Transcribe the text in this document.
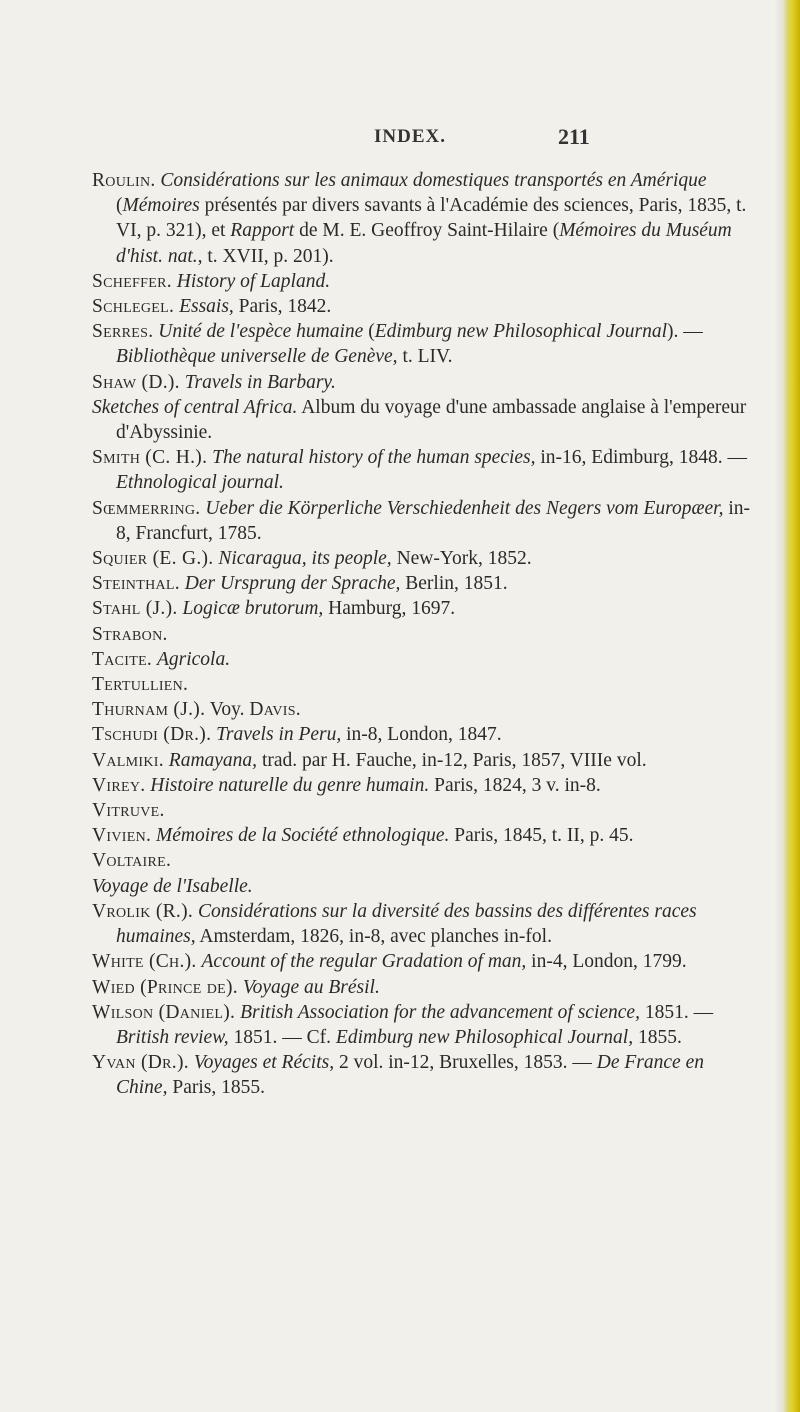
INDEX.	211

Roulin. Considérations sur les animaux domestiques transportés en Amérique (Mémoires présentés par divers savants à l'Académie des sciences, Paris, 1835, t. VI, p. 321), et Rapport de M. E. Geoffroy Saint-Hilaire (Mémoires du Muséum d'hist. nat., t. XVII, p. 201).

Scheffer. History of Lapland.

Schlegel. Essais, Paris, 1842.

Serres. Unité de l'espèce humaine (Edimburg new Philosophical Journal). — Bibliothèque universelle de Genève, t. LIV.

Shaw (D.). Travels in Barbary.

Sketches of central Africa. Album du voyage d'une ambassade anglaise à l'empereur d'Abyssinie.

Smith (C. H.). The natural history of the human species, in-16, Edimburg, 1848. — Ethnological journal.

Sœmmerring. Ueber die Körperliche Verschiedenheit des Negers vom Europæer, in-8, Francfurt, 1785.

Squier (E. G.). Nicaragua, its people, New-York, 1852.

Steinthal. Der Ursprung der Sprache, Berlin, 1851.

Stahl (J.). Logicæ brutorum, Hamburg, 1697.

Strabon.

Tacite. Agricola.

Tertullien.

Thurnam (J.). Voy. Davis.

Tschudi (Dr.). Travels in Peru, in-8, London, 1847.

Valmiki. Ramayana, trad. par H. Fauche, in-12, Paris, 1857, VIIIe vol.

Virey. Histoire naturelle du genre humain. Paris, 1824, 3 v. in-8.

Vitruve.

Vivien. Mémoires de la Société ethnologique. Paris, 1845, t. II, p. 45.

Voltaire.

Voyage de l'Isabelle.

Vrolik (R.). Considérations sur la diversité des bassins des différentes races humaines, Amsterdam, 1826, in-8, avec planches in-fol.

White (Ch.). Account of the regular Gradation of man, in-4, London, 1799.

Wied (Prince de). Voyage au Brésil.

Wilson (Daniel). British Association for the advancement of science, 1851. — British review, 1851. — Cf. Edimburg new Philosophical Journal, 1855.

Yvan (Dr.). Voyages et Récits, 2 vol. in-12, Bruxelles, 1853. — De France en Chine, Paris, 1855.
